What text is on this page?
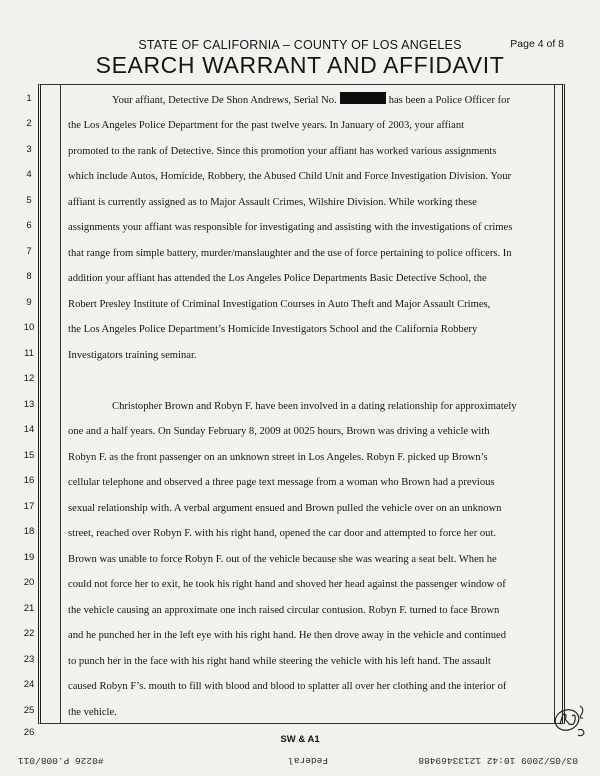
STATE OF CALIFORNIA – COUNTY OF LOS ANGELES	Page 4 of 8
SEARCH WARRANT AND AFFIDAVIT
1
2
3
4
5
6
7
8
9
10
11
12
13
14
15
16
17
18
19
20
21
22
23
24
25
26
Your affiant, Detective De Shon Andrews, Serial No.	has been a Police Officer for
the Los Angeles Police Department for the past twelve years. In January of 2003, your affiant
promoted to the rank of Detective. Since this promotion your affiant has worked various assignments
which include Autos, Homicide, Robbery, the Abused Child Unit and Force Investigation Division. Your
affiant is currently assigned as to Major Assault Crimes, Wilshire Division. While working these
assignments your affiant was responsible for investigating and assisting with the investigations of crimes
that range from simple battery, murder/manslaughter and the use of force pertaining to police officers. In
addition your affiant has attended the Los Angeles Police Departments Basic Detective School, the
Robert Presley Institute of Criminal Investigation Courses in Auto Theft and Major Assault Crimes,
the Los Angeles Police Department’s Homicide Investigators School and the California Robbery
Investigators training seminar.
Christopher Brown and Robyn F. have been involved in a dating relationship for approximately
one and a half years. On Sunday February 8, 2009 at 0025 hours, Brown was driving a vehicle with
Robyn F. as the front passenger on an unknown street in Los Angeles. Robyn F. picked up Brown’s
cellular telephone and observed a three page text message from a woman who Brown had a previous
sexual relationship with. A verbal argument ensued and Brown pulled the vehicle over on an unknown
street, reached over Robyn F. with his right hand, opened the car door and attempted to force her out.
Brown was unable to force Robyn F. out of the vehicle because she was wearing a seat belt. When he
could not force her to exit, he took his right hand and shoved her head against the passenger window of
the vehicle causing an approximate one inch raised circular contusion. Robyn F. turned to face Brown
and he punched her in the left eye with his right hand. He then drove away in the vehicle and continued
to punch her in the face with his right hand while steering the vehicle with his left hand. The assault
caused Robyn F’s. mouth to fill with blood and blood to splatter all over her clothing and the interior of
the vehicle.
SW & A1
03/05/2009 10:42 12133469488
Federal
#0226 P.008/011
